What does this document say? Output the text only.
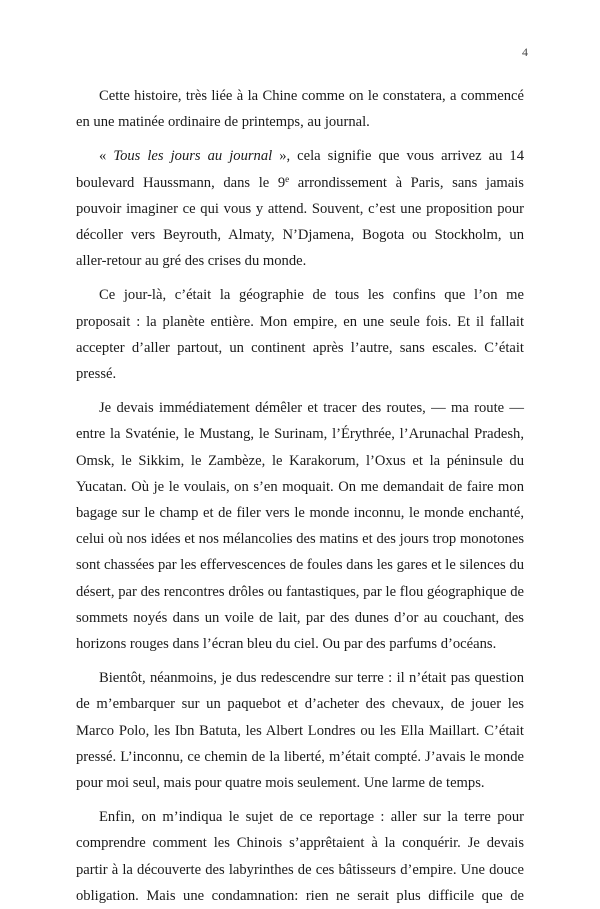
4

Cette histoire, très liée à la Chine comme on le constatera, a commencé en une matinée ordinaire de printemps, au journal.

« Tous les jours au journal », cela signifie que vous arrivez au 14 boulevard Haussmann, dans le 9e arrondissement à Paris, sans jamais pouvoir imaginer ce qui vous y attend. Souvent, c’est une proposition pour décoller vers Beyrouth, Almaty, N’Djamena, Bogota ou Stockholm, un aller-retour au gré des crises du monde.

Ce jour-là, c’était la géographie de tous les confins que l’on me proposait : la planète entière. Mon empire, en une seule fois. Et il fallait accepter d’aller partout, un continent après l’autre, sans escales. C’était pressé.

Je devais immédiatement démêler et tracer des routes, — ma route — entre la Svaténie, le Mustang, le Surinam, l’Érythrée, l’Arunachal Pradesh, Omsk, le Sikkim, le Zambèze, le Karakorum, l’Oxus et la péninsule du Yucatan. Où je le voulais, on s’en moquait. On me demandait de faire mon bagage sur le champ et de filer vers le monde inconnu, le monde enchanté, celui où nos idées et nos mélancolies des matins et des jours trop monotones sont chassées par les effervescences de foules dans les gares et le silences du désert, par des rencontres drôles ou fantastiques, par le flou géographique de sommets noyés dans un voile de lait, par des dunes d’or au couchant, des horizons rouges dans l’écran bleu du ciel. Ou par des parfums d’océans.

Bientôt, néanmoins, je dus redescendre sur terre : il n’était pas question de m’embarquer sur un paquebot et d’acheter des chevaux, de jouer les Marco Polo, les Ibn Batuta, les Albert Londres ou les Ella Maillart. C’était pressé. L’inconnu, ce chemin de la liberté, m’était compté. J’avais le monde pour moi seul, mais pour quatre mois seulement. Une larme de temps.

Enfin, on m’indiqua le sujet de ce reportage : aller sur la terre pour comprendre comment les Chinois s’apprêtaient à la conquérir. Je devais partir à la découverte des labyrinthes de ces bâtisseurs d’empire. Une douce obligation. Mais une condamnation: rien ne serait plus difficile que de
